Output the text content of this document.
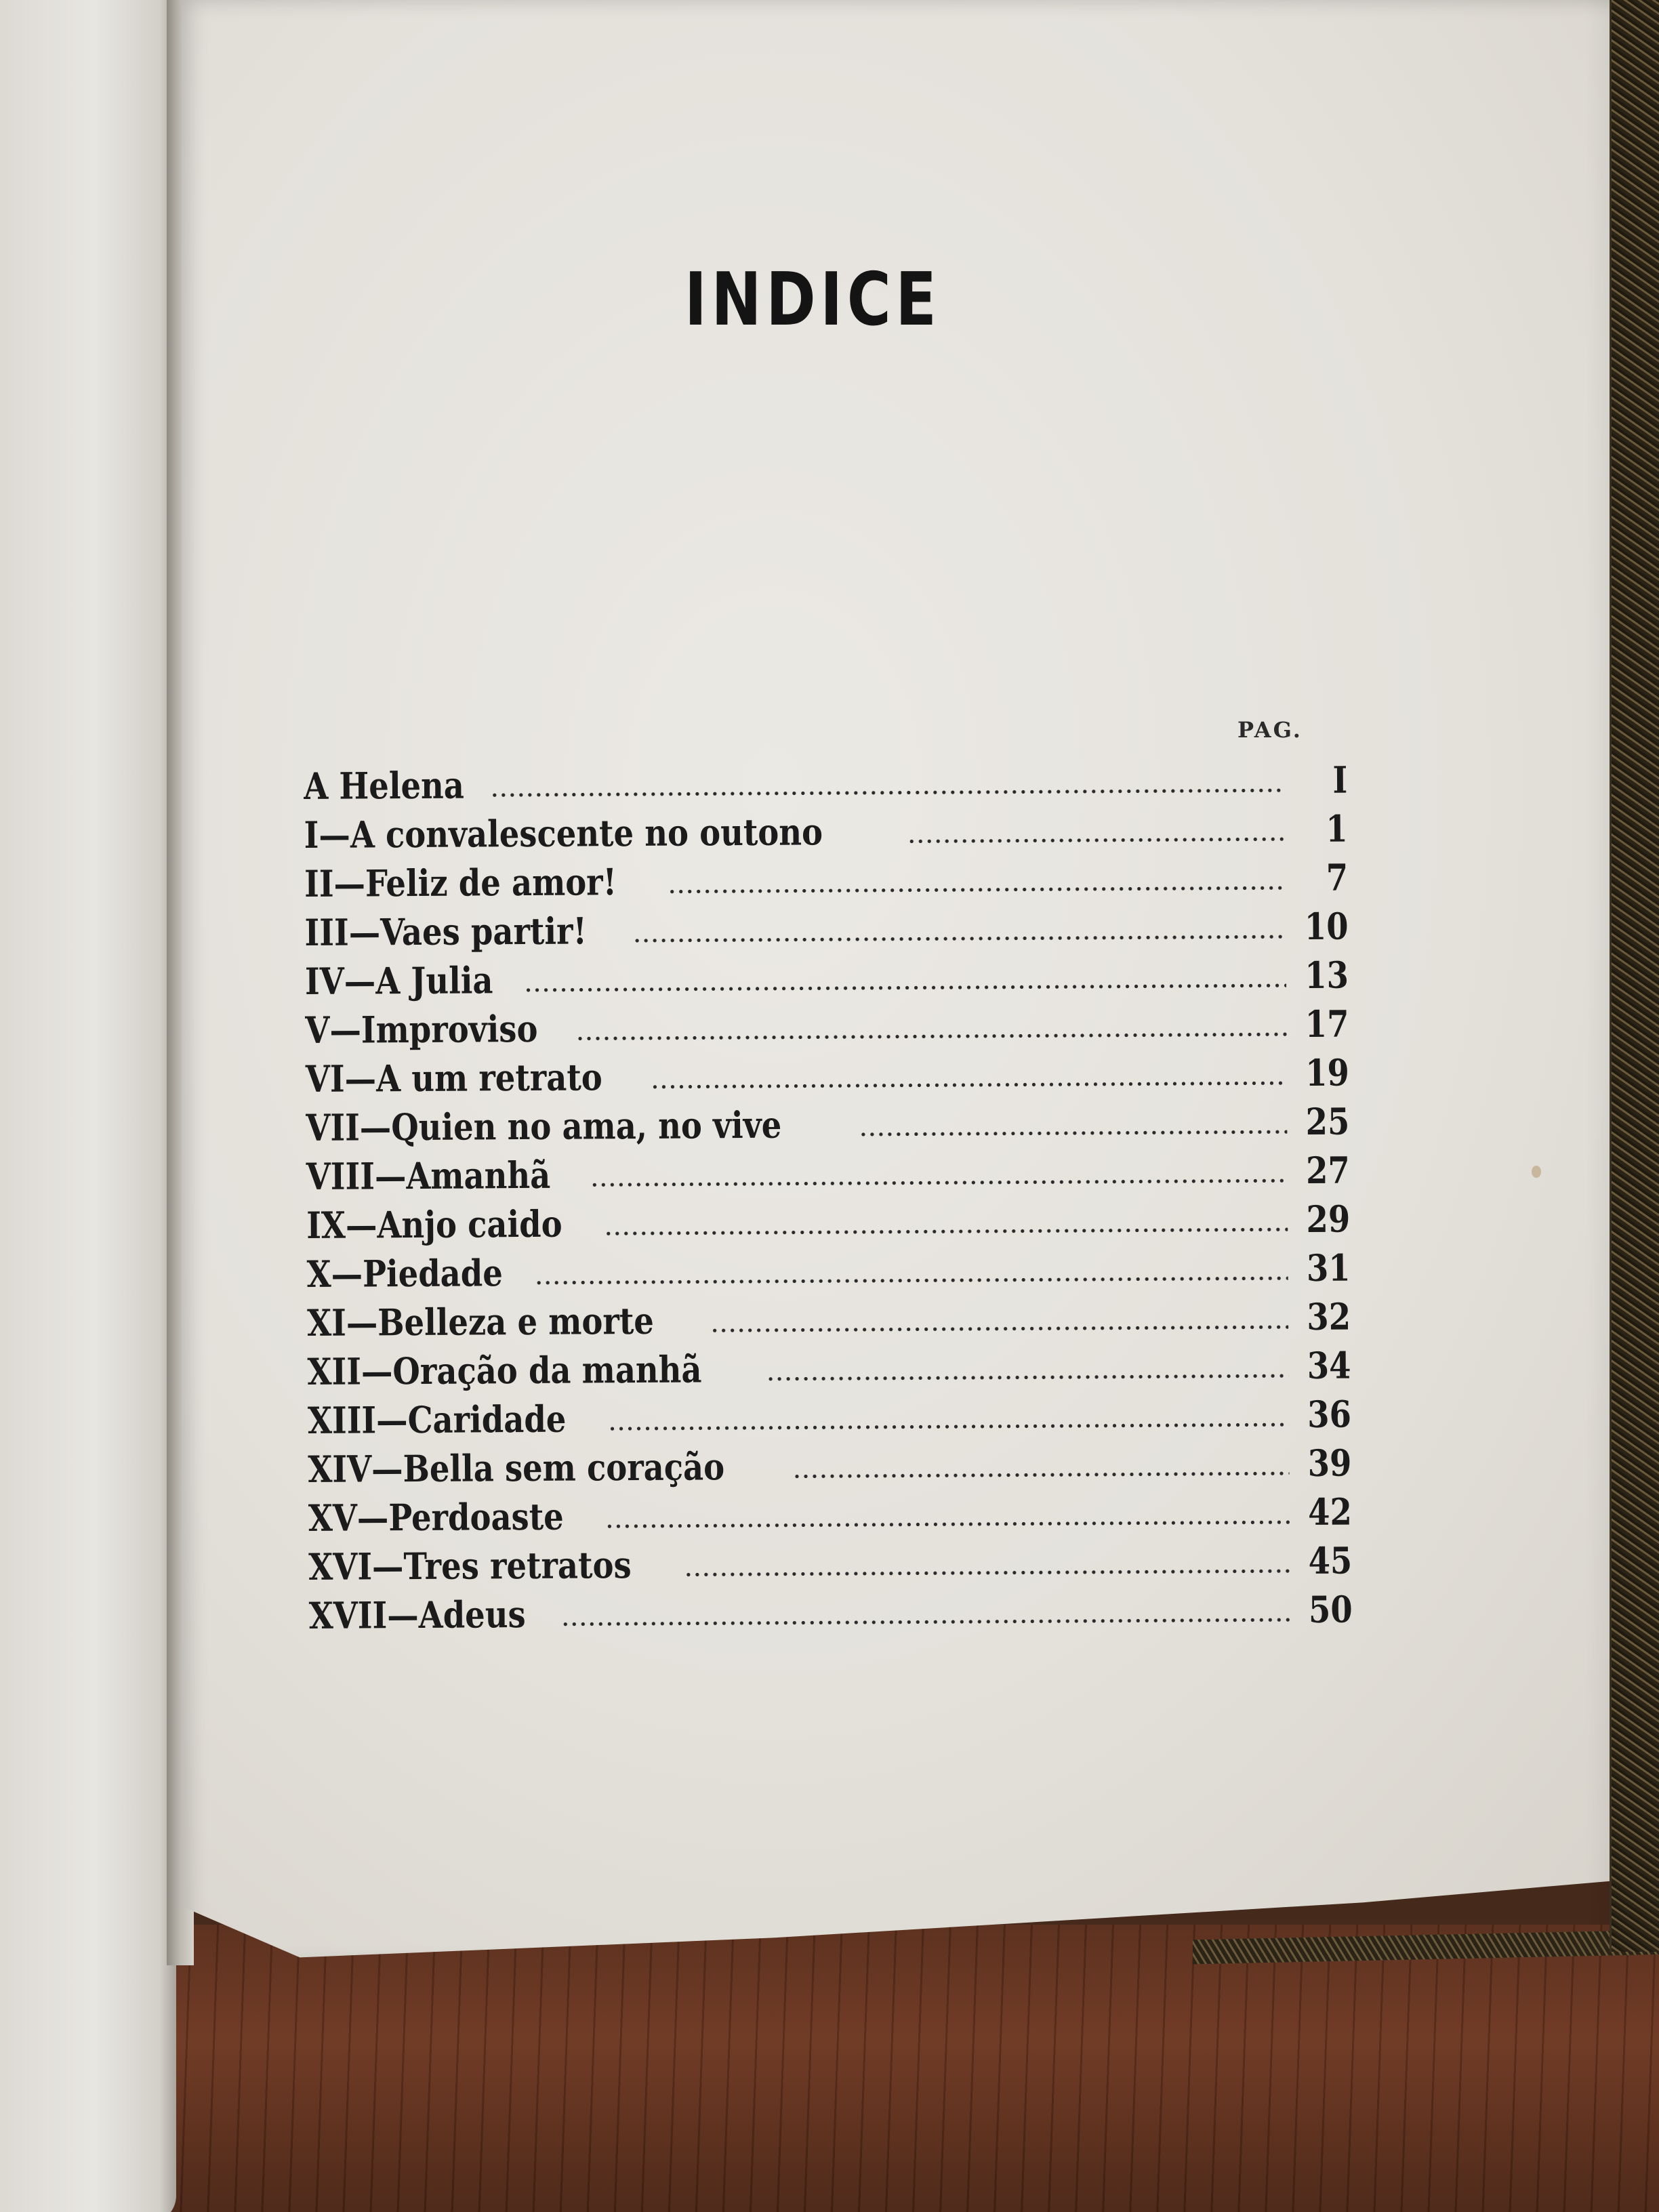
INDICE
PAG.
A Helena	I
I—A convalescente no outono	1
II—Feliz de amor!	7
III—Vaes partir!	10
IV—A Julia	13
V—Improviso	17
VI—A um retrato	19
VII—Quien no ama, no vive	25
VIII—Amanhã	27
IX—Anjo caido	29
X—Piedade	31
XI—Belleza e morte	32
XII—Oração da manhã	34
XIII—Caridade	36
XIV—Bella sem coração	39
XV—Perdoaste	42
XVI—Tres retratos	45
XVII—Adeus	50
